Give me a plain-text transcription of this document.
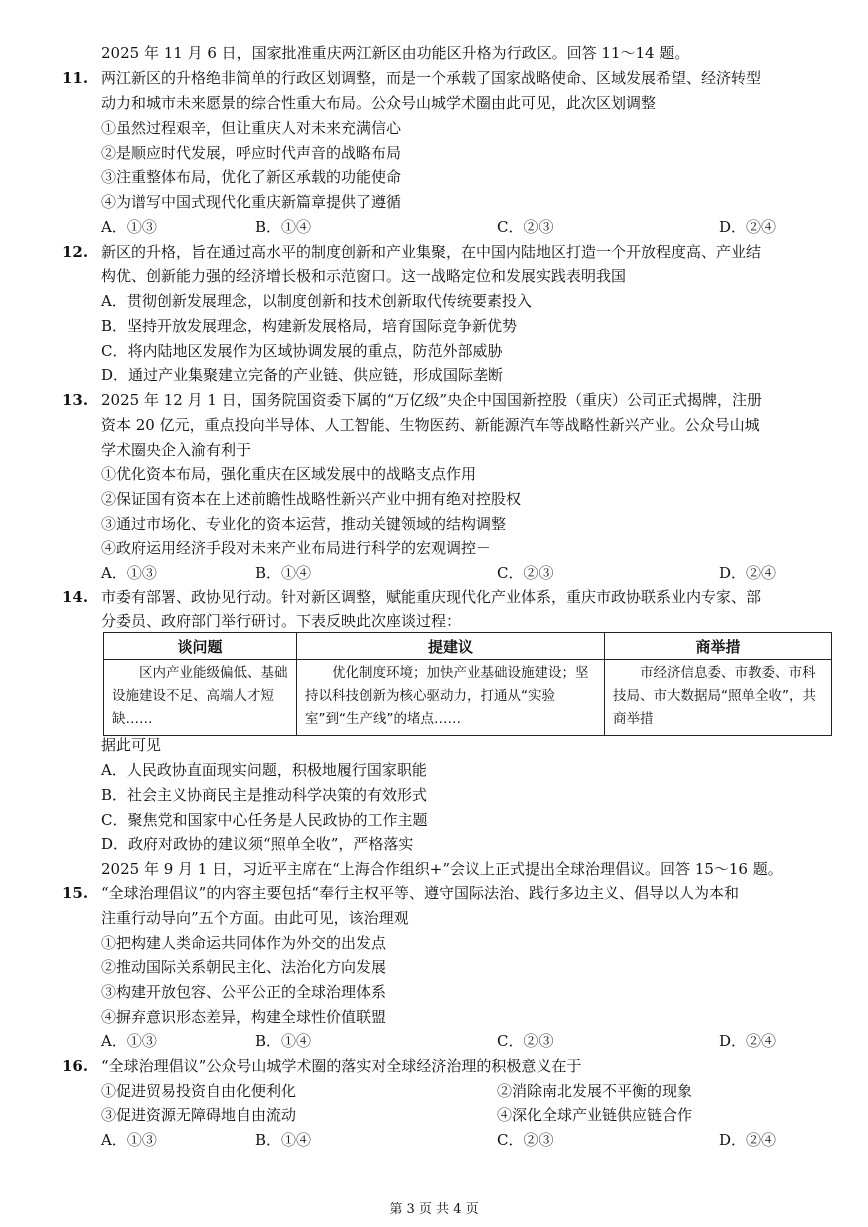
2025 年 11 月 6 日，国家批准重庆两江新区由功能区升格为行政区。回答 11～14 题。
11. 两江新区的升格绝非简单的行政区划调整，而是一个承载了国家战略使命、区域发展希望、经济转型
动力和城市未来愿景的综合性重大布局。公众号山城学术圈由此可见，此次区划调整
①虽然过程艰辛，但让重庆人对未来充满信心
②是顺应时代发展，呼应时代声音的战略布局
③注重整体布局，优化了新区承载的功能使命
④为谱写中国式现代化重庆新篇章提供了遵循
A．①③	B．①④	C．②③	D．②④
12. 新区的升格，旨在通过高水平的制度创新和产业集聚，在中国内陆地区打造一个开放程度高、产业结
构优、创新能力强的经济增长极和示范窗口。这一战略定位和发展实践表明我国
A．贯彻创新发展理念，以制度创新和技术创新取代传统要素投入
B．坚持开放发展理念，构建新发展格局，培育国际竞争新优势
C．将内陆地区发展作为区域协调发展的重点，防范外部威胁
D．通过产业集聚建立完备的产业链、供应链，形成国际垄断
13. 2025 年 12 月 1 日，国务院国资委下属的“万亿级”央企中国国新控股（重庆）公司正式揭牌，注册
资本 20 亿元，重点投向半导体、人工智能、生物医药、新能源汽车等战略性新兴产业。公众号山城
学术圈央企入渝有利于
①优化资本布局，强化重庆在区域发展中的战略支点作用
②保证国有资本在上述前瞻性战略性新兴产业中拥有绝对控股权
③通过市场化、专业化的资本运营，推动关键领域的结构调整
④政府运用经济手段对未来产业布局进行科学的宏观调控－
A．①③	B．①④	C．②③	D．②④
14. 市委有部署、政协见行动。针对新区调整，赋能重庆现代化产业体系，重庆市政协联系业内专家、部
分委员、政府部门举行研讨。下表反映此次座谈过程：
谈问题	提建议	商举措
区内产业能级偏低、基础设施建设不足、高端人才短缺……	优化制度环境；加快产业基础设施建设；坚持以科技创新为核心驱动力，打通从“实验室”到“生产线”的堵点……	市经济信息委、市教委、市科技局、市大数据局“照单全收”，共商举措
据此可见
A．人民政协直面现实问题，积极地履行国家职能
B．社会主义协商民主是推动科学决策的有效形式
C．聚焦党和国家中心任务是人民政协的工作主题
D．政府对政协的建议须“照单全收”，严格落实
2025 年 9 月 1 日，习近平主席在“上海合作组织+”会议上正式提出全球治理倡议。回答 15～16 题。
15. “全球治理倡议”的内容主要包括“奉行主权平等、遵守国际法治、践行多边主义、倡导以人为本和
注重行动导向”五个方面。由此可见，该治理观
①把构建人类命运共同体作为外交的出发点
②推动国际关系朝民主化、法治化方向发展
③构建开放包容、公平公正的全球治理体系
④摒弃意识形态差异，构建全球性价值联盟
A．①③	B．①④	C．②③	D．②④
16. “全球治理倡议”公众号山城学术圈的落实对全球经济治理的积极意义在于
①促进贸易投资自由化便利化	②消除南北发展不平衡的现象
③促进资源无障碍地自由流动	④深化全球产业链供应链合作
A．①③	B．①④	C．②③	D．②④
第 3 页 共 4 页
